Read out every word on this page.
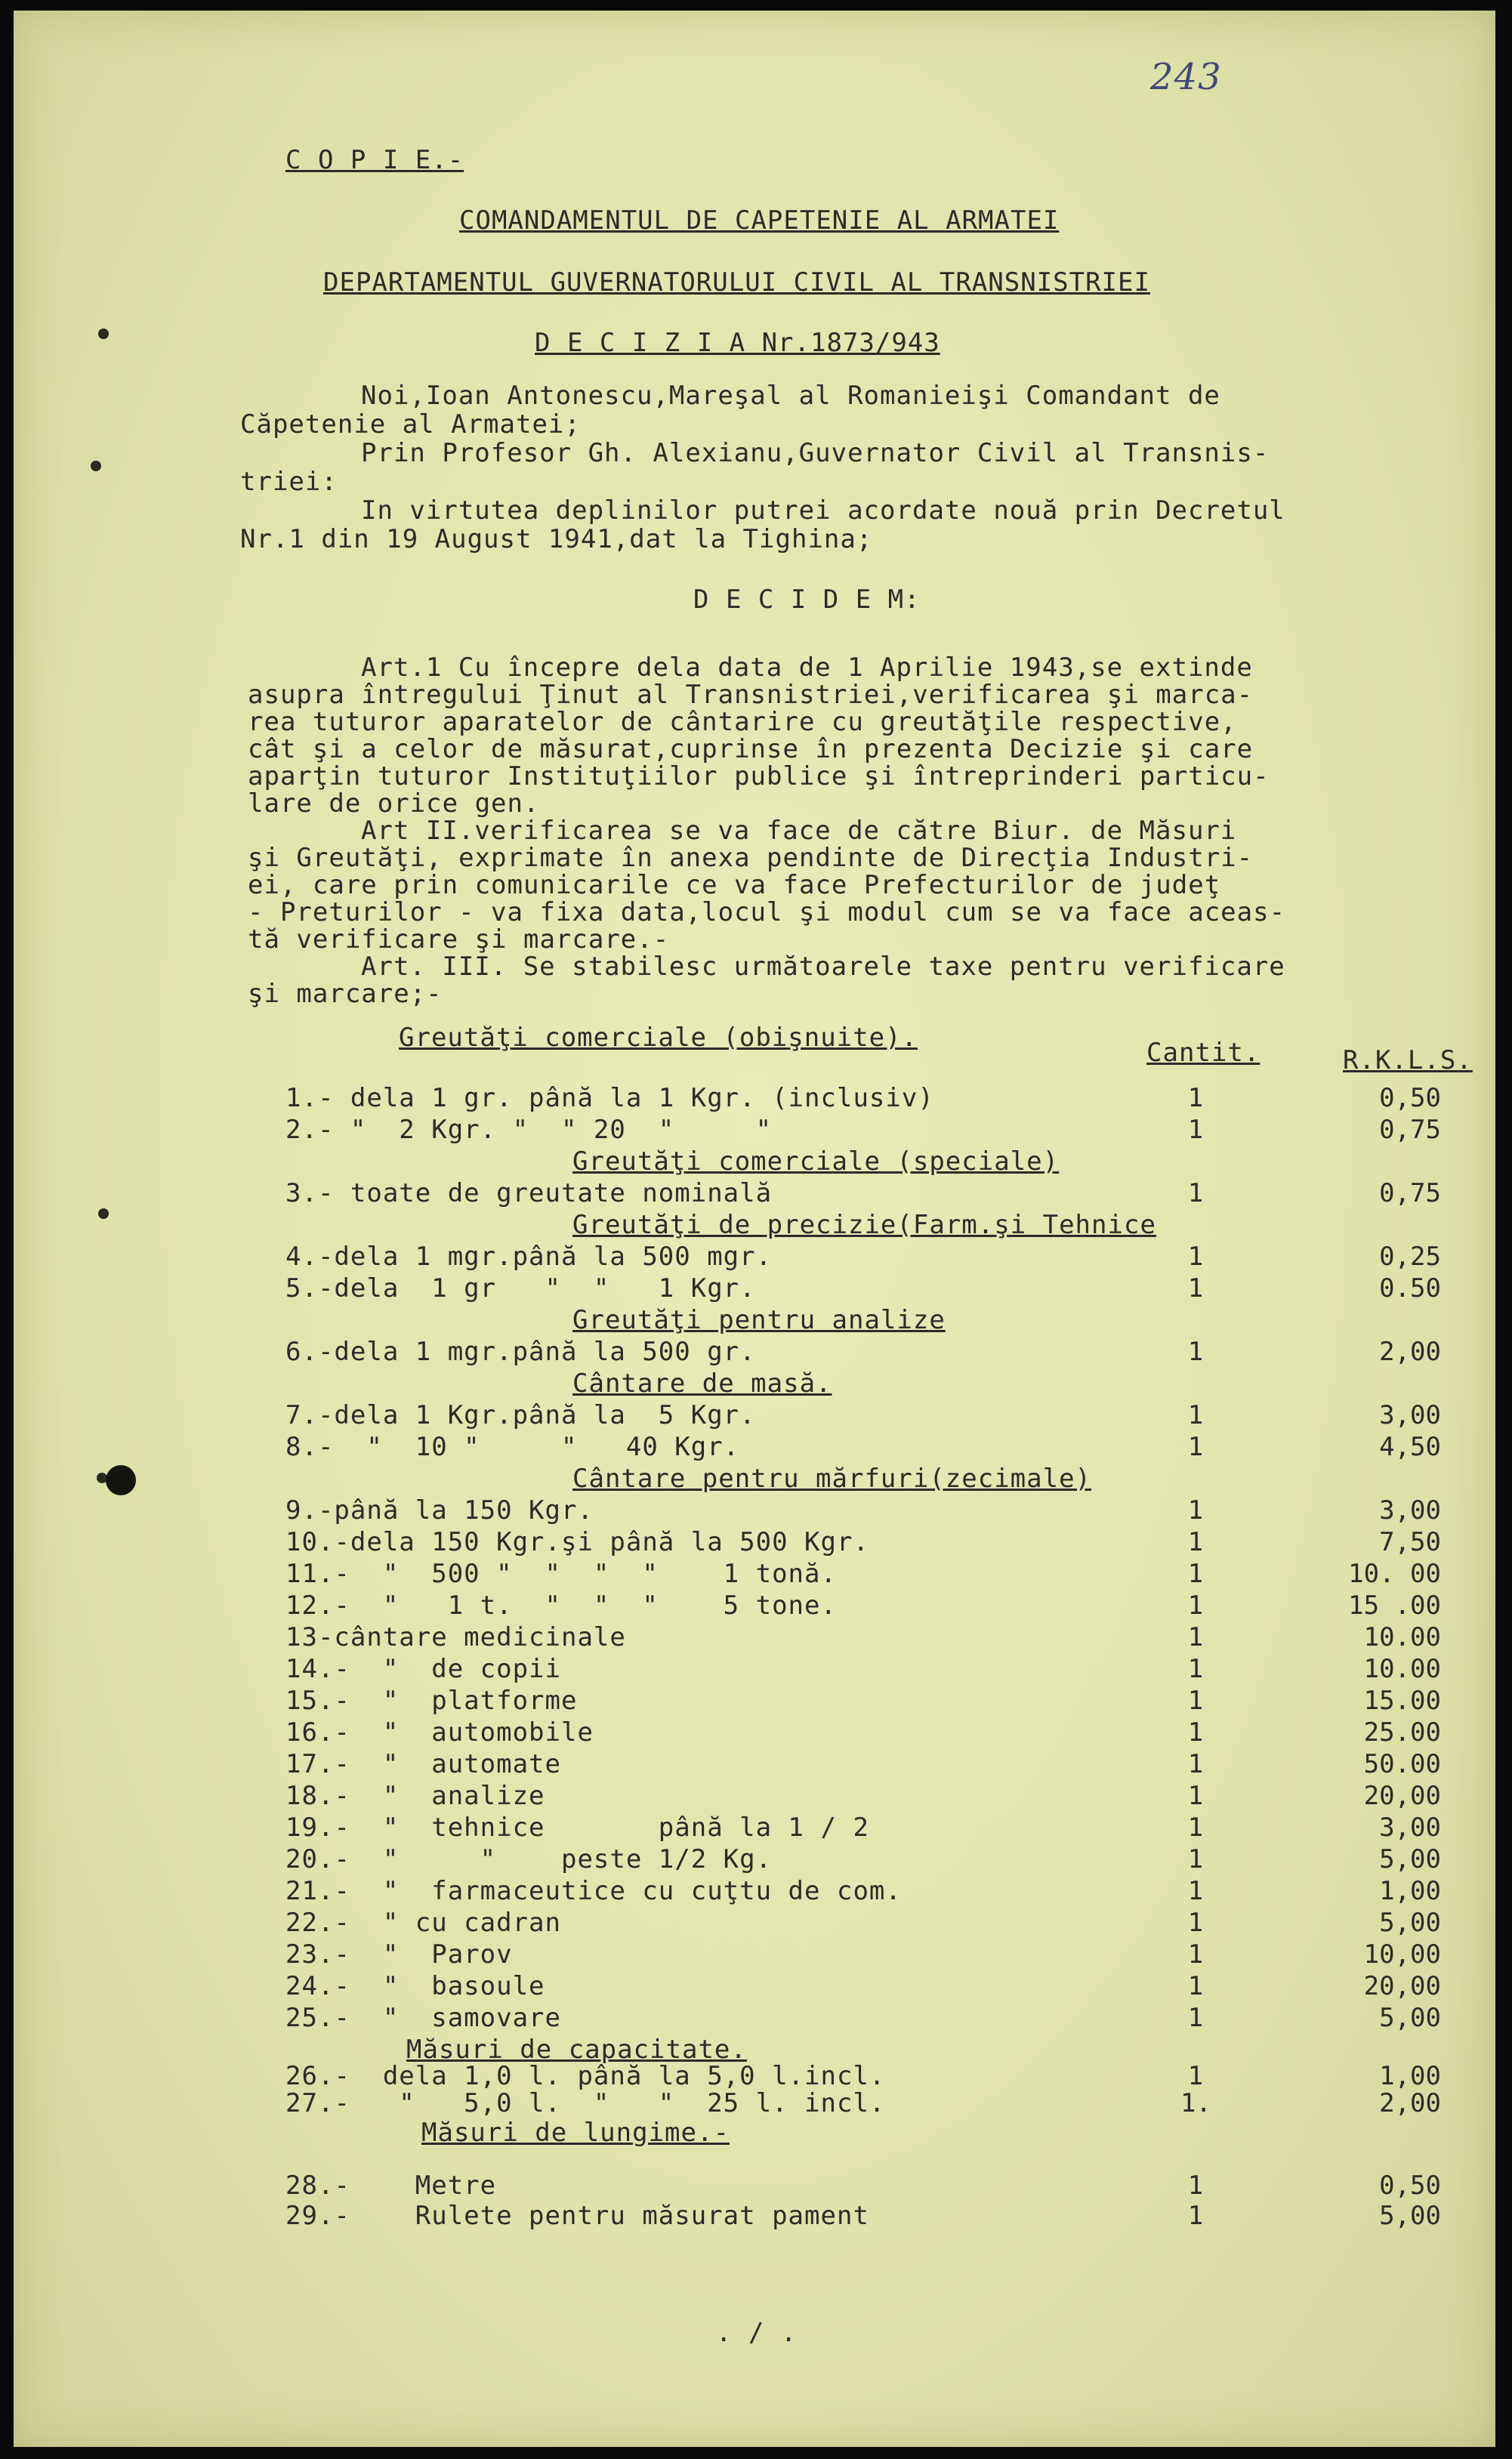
243
C O P I E.-
COMANDAMENTUL DE CAPETENIE AL ARMATEI
DEPARTAMENTUL GUVERNATORULUI CIVIL AL TRANSNISTRIEI
D E C I Z I A Nr.1873/943
Noi,Ioan Antonescu,Mareşal al Romanieişi Comandant de
Căpetenie al Armatei;
Prin Profesor Gh. Alexianu,Guvernator Civil al Transnis-
triei:
In virtutea deplinilor putrei acordate nouă prin Decretul
Nr.1 din 19 August 1941,dat la Tighina;
D E C I D E M:
Art.1 Cu începre dela data de 1 Aprilie 1943,se extinde
asupra întregului Ţinut al Transnistriei,verificarea şi marca-
rea tuturor aparatelor de cântarire cu greutăţile respective,
cât şi a celor de măsurat,cuprinse în prezenta Decizie şi care
aparţin tuturor Instituţiilor publice şi întreprinderi particu-
lare de orice gen.
Art II.verificarea se va face de către Biur. de Măsuri
şi Greutăţi, exprimate în anexa pendinte de Direcţia Industri-
ei, care prin comunicarile ce va face Prefecturilor de judeţ
- Preturilor - va fixa data,locul şi modul cum se va face aceas-
tă verificare şi marcare.-
Art. III. Se stabilesc următoarele taxe pentru verificare
şi marcare;-
Greutăţi comerciale (obişnuite).	Cantit.	R.K.L.S.
1.- dela 1 gr. până la 1 Kgr. (inclusiv)	1	0,50
2.- "  2 Kgr. "  " 20  "     "	1	0,75
Greutăţi comerciale (speciale)
3.- toate de greutate nominală	1	0,75
Greutăţi de precizie(Farm.şi Tehnice
4.-dela 1 mgr.până la 500 mgr.	1	0,25
5.-dela  1 gr   "  "   1 Kgr.	1	0.50
Greutăţi pentru analize
6.-dela 1 mgr.până la 500 gr.	1	2,00
Cântare de masă.
7.-dela 1 Kgr.până la  5 Kgr.	1	3,00
8.-  "  10 "     "   40 Kgr.	1	4,50
Cântare pentru mărfuri(zecimale)
9.-până la 150 Kgr.	1	3,00
10.-dela 150 Kgr.şi până la 500 Kgr.	1	7,50
11.-  "  500 "  "  "  "    1 tonă.	1	10. 00
12.-  "   1 t.  "  "  "    5 tone.	1	15 .00
13-cântare medicinale	1	10.00
14.-  "  de copii	1	10.00
15.-  "  platforme	1	15.00
16.-  "  automobile	1	25.00
17.-  "  automate	1	50.00
18.-  "  analize	1	20,00
19.-  "  tehnice       până la 1 / 2	1	3,00
20.-  "     "    peste 1/2 Kg.	1	5,00
21.-  "  farmaceutice cu cuţtu de com.	1	1,00
22.-  " cu cadran	1	5,00
23.-  "  Parov	1	10,00
24.-  "  basoule	1	20,00
25.-  "  samovare	1	5,00
Măsuri de capacitate.
26.-  dela 1,0 l. până la 5,0 l.incl.	1	1,00
27.-   "   5,0 l.  "   "  25 l. incl.	1.	2,00
Măsuri de lungime.-
28.-    Metre	1	0,50
29.-    Rulete pentru măsurat pament	1	5,00
. / .
